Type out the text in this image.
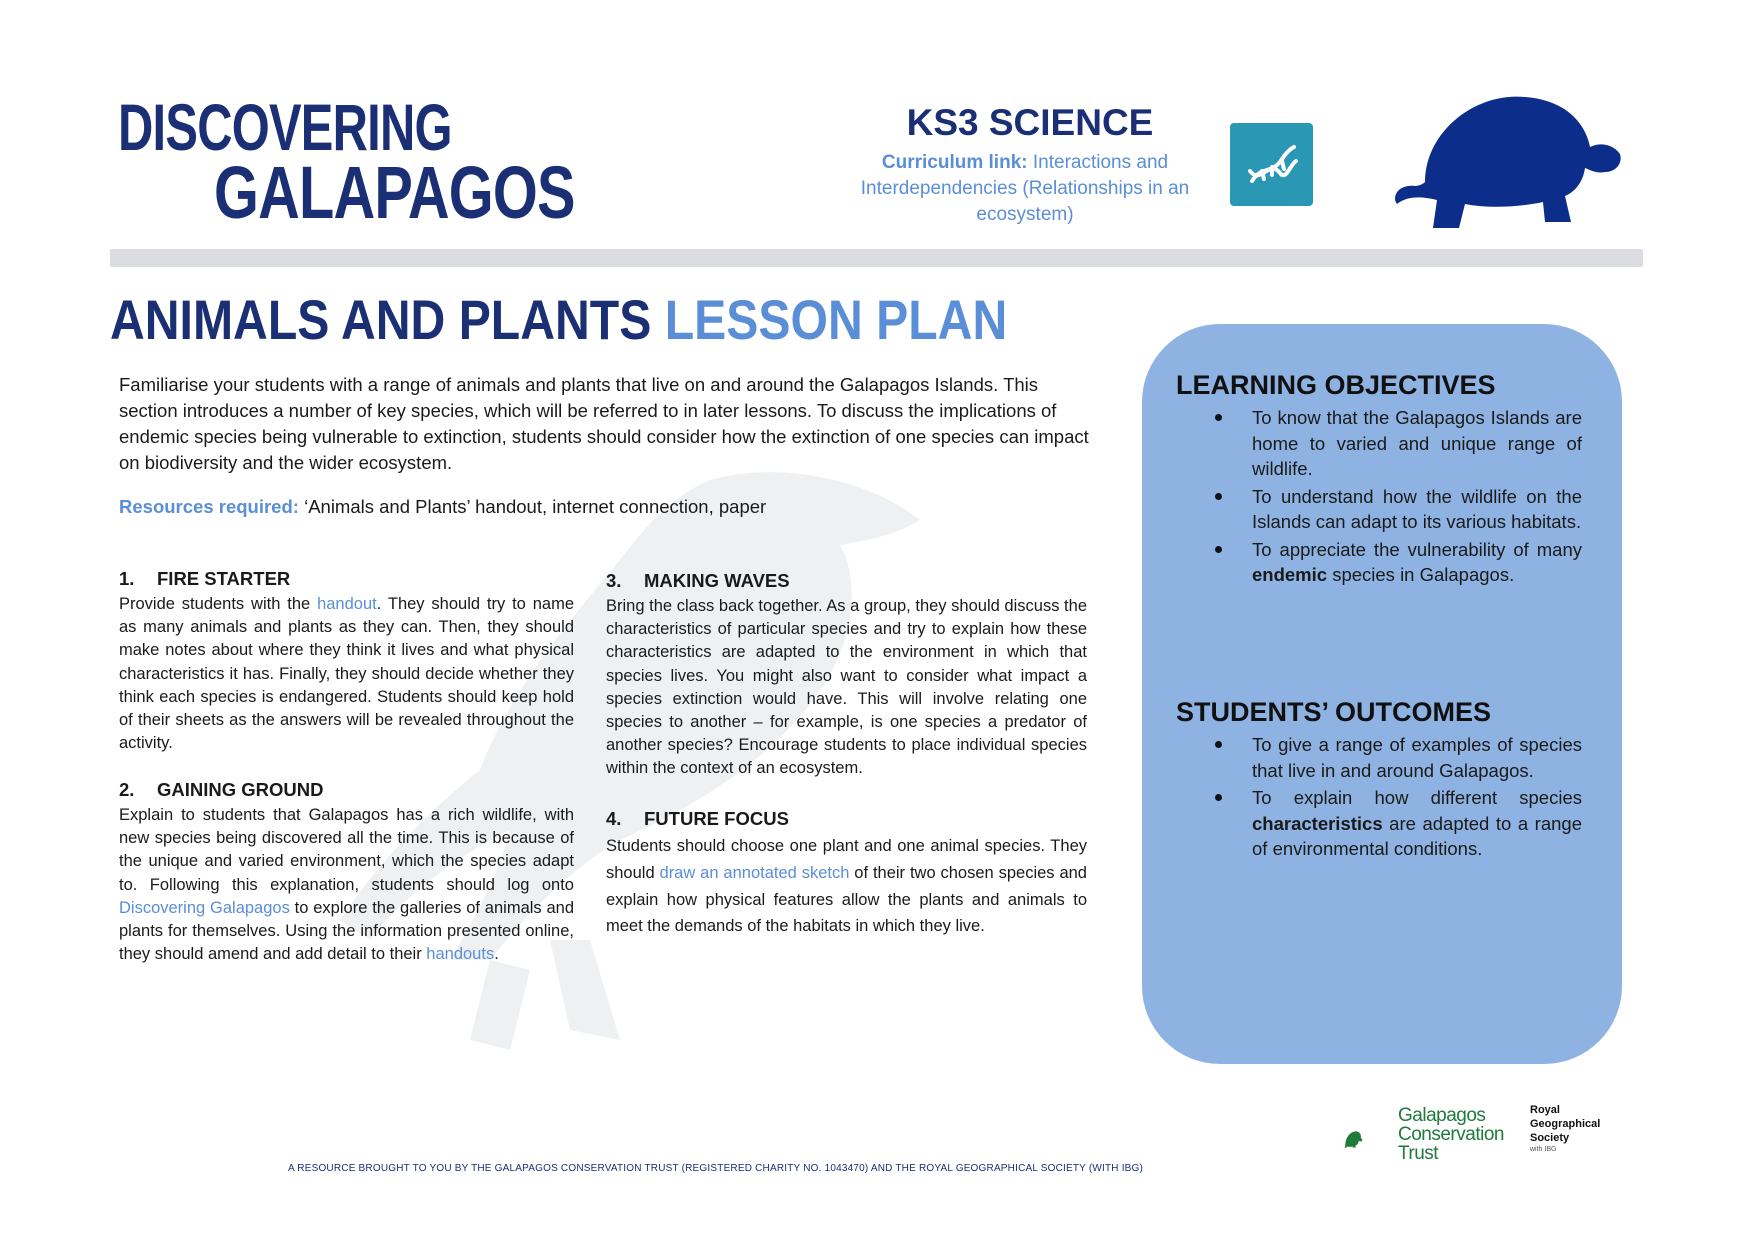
DISCOVERING
GALAPAGOS
KS3 SCIENCE
Curriculum link: Interactions and Interdependencies (Relationships in an ecosystem)
ANIMALS AND PLANTS LESSON PLAN
Familiarise your students with a range of animals and plants that live on and around the Galapagos Islands. This section introduces a number of key species, which will be referred to in later lessons. To discuss the implications of endemic species being vulnerable to extinction, students should consider how the extinction of one species can impact on biodiversity and the wider ecosystem.
Resources required: ‘Animals and Plants’ handout, internet connection, paper

1. FIRE STARTER

Provide students with the handout. They should try to name as many animals and plants as they can. Then, they should make notes about where they think it lives and what physical characteristics it has. Finally, they should decide whether they think each species is endangered. Students should keep hold of their sheets as the answers will be revealed throughout the activity.

2. GAINING GROUND

Explain to students that Galapagos has a rich wildlife, with new species being discovered all the time. This is because of the unique and varied environment, which the species adapt to. Following this explanation, students should log onto Discovering Galapagos to explore the galleries of animals and plants for themselves. Using the information presented online, they should amend and add detail to their handouts.

3. MAKING WAVES

Bring the class back together. As a group, they should discuss the characteristics of particular species and try to explain how these characteristics are adapted to the environment in which that species lives. You might also want to consider what impact a species extinction would have. This will involve relating one species to another – for example, is one species a predator of another species? Encourage students to place individual species within the context of an ecosystem.

4. FUTURE FOCUS

Students should choose one plant and one animal species. They should draw an annotated sketch of their two chosen species and explain how physical features allow the plants and animals to meet the demands of the habitats in which they live.

LEARNING OBJECTIVES
To know that the Galapagos Islands are home to varied and unique range of wildlife.
To understand how the wildlife on the Islands can adapt to its various habitats.
To appreciate the vulnerability of many endemic species in Galapagos.
STUDENTS’ OUTCOMES
To give a range of examples of species that live in and around Galapagos.
To explain how different species characteristics are adapted to a range of environmental conditions.
A RESOURCE BROUGHT TO YOU BY THE GALAPAGOS CONSERVATION TRUST (REGISTERED CHARITY NO. 1043470) AND THE ROYAL GEOGRAPHICAL SOCIETY (WITH IBG)
Galapagos
Conservation
Trust
Royal
Geographical
Society
with IBG
